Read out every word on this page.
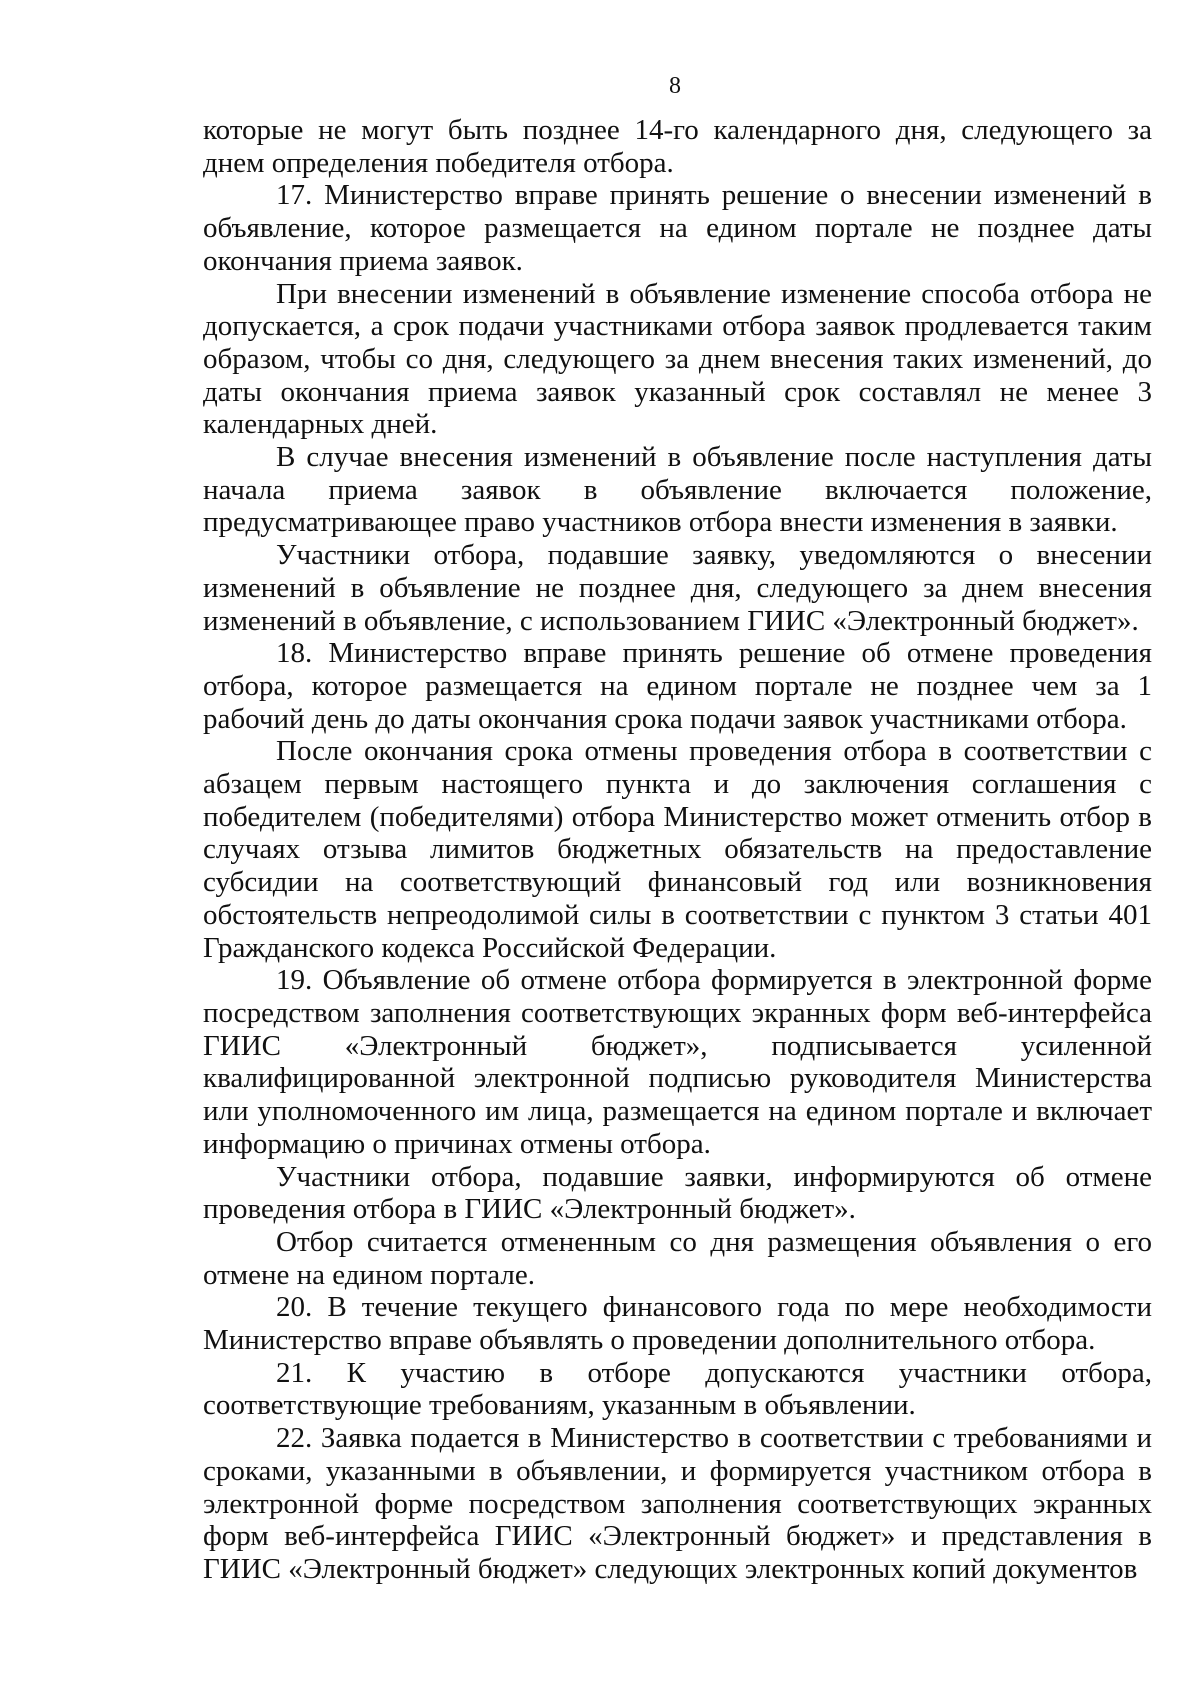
8

которые не могут быть позднее 14-го календарного дня, следующего за днем определения победителя отбора.

17. Министерство вправе принять решение о внесении изменений в объявление, которое размещается на едином портале не позднее даты окончания приема заявок.

При внесении изменений в объявление изменение способа отбора не допускается, а срок подачи участниками отбора заявок продлевается таким образом, чтобы со дня, следующего за днем внесения таких изменений, до даты окончания приема заявок указанный срок составлял не менее 3 календарных дней.

В случае внесения изменений в объявление после наступления даты начала приема заявок в объявление включается положение, предусматривающее право участников отбора внести изменения в заявки.

Участники отбора, подавшие заявку, уведомляются о внесении изменений в объявление не позднее дня, следующего за днем внесения изменений в объявление, с использованием ГИИС «Электронный бюджет».

18. Министерство вправе принять решение об отмене проведения отбора, которое размещается на едином портале не позднее чем за 1 рабочий день до даты окончания срока подачи заявок участниками отбора.

После окончания срока отмены проведения отбора в соответствии с абзацем первым настоящего пункта и до заключения соглашения с победителем (победителями) отбора Министерство может отменить отбор в случаях отзыва лимитов бюджетных обязательств на предоставление субсидии на соответствующий финансовый год или возникновения обстоятельств непреодолимой силы в соответствии с пунктом 3 статьи 401 Гражданского кодекса Российской Федерации.

19. Объявление об отмене отбора формируется в электронной форме посредством заполнения соответствующих экранных форм веб-интерфейса ГИИС «Электронный бюджет», подписывается усиленной квалифицированной электронной подписью руководителя Министерства или уполномоченного им лица, размещается на едином портале и включает информацию о причинах отмены отбора.

Участники отбора, подавшие заявки, информируются об отмене проведения отбора в ГИИС «Электронный бюджет».

Отбор считается отмененным со дня размещения объявления о его отмене на едином портале.

20. В течение текущего финансового года по мере необходимости Министерство вправе объявлять о проведении дополнительного отбора.

21. К участию в отборе допускаются участники отбора, соответствующие требованиям, указанным в объявлении.

22. Заявка подается в Министерство в соответствии с требованиями и сроками, указанными в объявлении, и формируется участником отбора в электронной форме посредством заполнения соответствующих экранных форм веб-интерфейса ГИИС «Электронный бюджет» и представления в ГИИС «Электронный бюджет» следующих электронных копий документов
